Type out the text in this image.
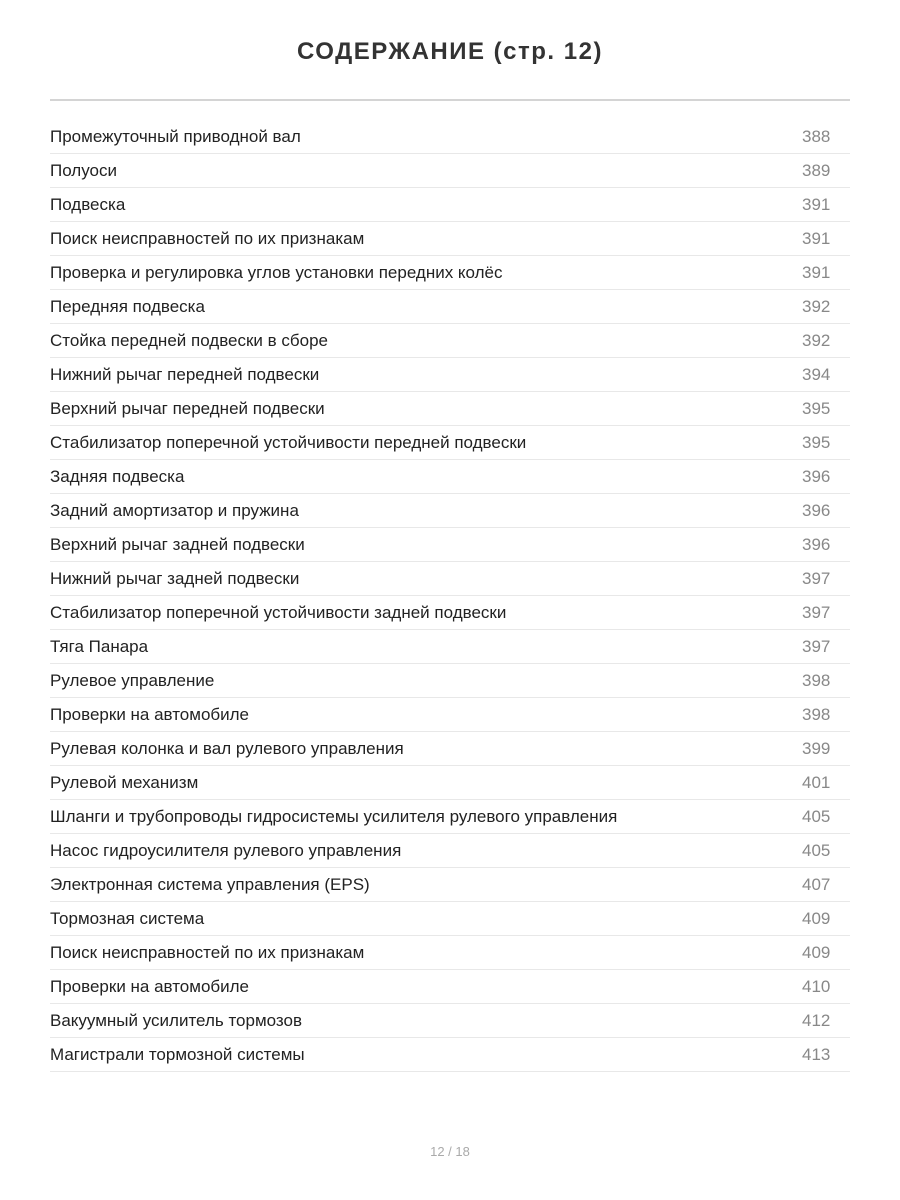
СОДЕРЖАНИЕ (стр. 12)
Промежуточный приводной вал	388
Полуоси	389
Подвеска	391
Поиск неисправностей по их признакам	391
Проверка и регулировка углов установки передних колёс	391
Передняя подвеска	392
Стойка передней подвески в сборе	392
Нижний рычаг передней подвески	394
Верхний рычаг передней подвески	395
Стабилизатор поперечной устойчивости передней подвески	395
Задняя подвеска	396
Задний амортизатор и пружина	396
Верхний рычаг задней подвески	396
Нижний рычаг задней подвески	397
Стабилизатор поперечной устойчивости задней подвески	397
Тяга Панара	397
Рулевое управление	398
Проверки на автомобиле	398
Рулевая колонка и вал рулевого управления	399
Рулевой механизм	401
Шланги и трубопроводы гидросистемы усилителя рулевого управления	405
Насос гидроусилителя рулевого управления	405
Электронная система управления (EPS)	407
Тормозная система	409
Поиск неисправностей по их признакам	409
Проверки на автомобиле	410
Вакуумный усилитель тормозов	412
Магистрали тормозной системы	413
12 / 18
